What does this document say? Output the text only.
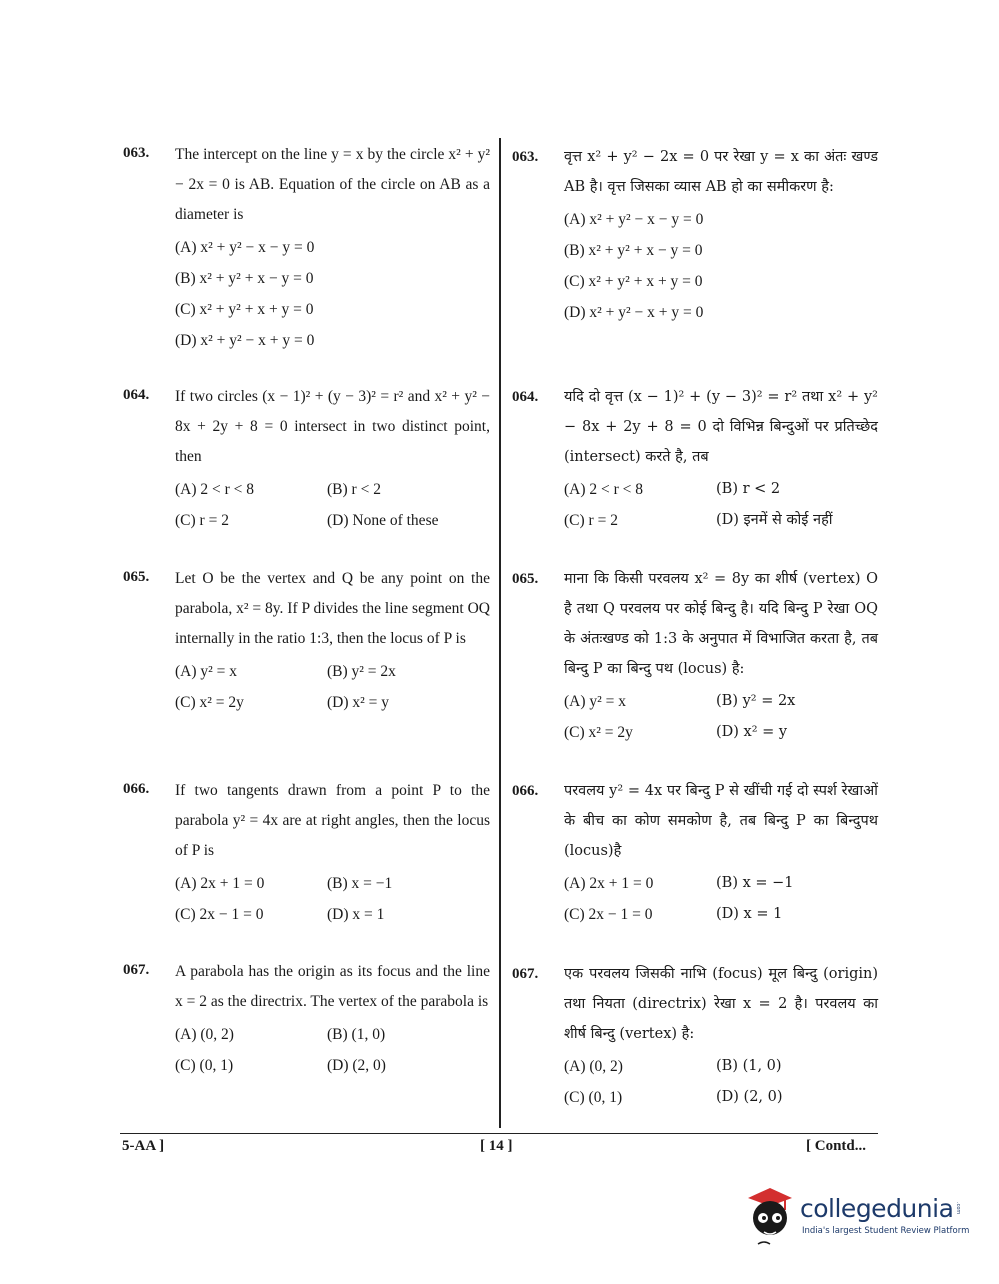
063. The intercept on the line y = x by the circle x² + y² − 2x = 0 is AB. Equation of the circle on AB as a diameter is
(A) x² + y² − x − y = 0
(B) x² + y² + x − y = 0
(C) x² + y² + x + y = 0
(D) x² + y² − x + y = 0
064. If two circles (x − 1)² + (y − 3)² = r² and x² + y² − 8x + 2y + 8 = 0 intersect in two distinct point, then
(A) 2 < r < 8	(B) r < 2
(C) r = 2	(D) None of these
065. Let O be the vertex and Q be any point on the parabola, x² = 8y. If P divides the line segment OQ internally in the ratio 1:3, then the locus of P is
(A) y² = x	(B) y² = 2x
(C) x² = 2y	(D) x² = y
066. If two tangents drawn from a point P to the parabola y² = 4x are at right angles, then the locus of P is
(A) 2x + 1 = 0	(B) x = −1
(C) 2x − 1 = 0	(D) x = 1
067. A parabola has the origin as its focus and the line x = 2 as the directrix. The vertex of the parabola is
(A) (0, 2)	(B) (1, 0)
(C) (0, 1)	(D) (2, 0)
063. वृत्त x² + y² − 2x = 0 पर रेखा y = x का अंतः खण्ड AB है। वृत्त जिसका व्यास AB हो का समीकरण है:
(A) x² + y² − x − y = 0
(B) x² + y² + x − y = 0
(C) x² + y² + x + y = 0
(D) x² + y² − x + y = 0
064. यदि दो वृत्त (x − 1)² + (y − 3)² = r² तथा x² + y² − 8x + 2y + 8 = 0 दो विभिन्न बिन्दुओं पर प्रतिच्छेद (intersect) करते है, तब
(A) 2 < r < 8	(B) r < 2
(C) r = 2	(D) इनमें से कोई नहीं
065. माना कि किसी परवलय x² = 8y का शीर्ष (vertex) O है तथा Q परवलय पर कोई बिन्दु है। यदि बिन्दु P रेखा OQ के अंतःखण्ड को 1:3 के अनुपात में विभाजित करता है, तब बिन्दु P का बिन्दु पथ (locus) है:
(A) y² = x	(B) y² = 2x
(C) x² = 2y	(D) x² = y
066. परवलय y² = 4x पर बिन्दु P से खींची गई दो स्पर्श रेखाओं के बीच का कोण समकोण है, तब बिन्दु P का बिन्दुपथ (locus)है
(A) 2x + 1 = 0	(B) x = −1
(C) 2x − 1 = 0	(D) x = 1
067. एक परवलय जिसकी नाभि (focus) मूल बिन्दु (origin) तथा नियता (directrix) रेखा x = 2 है। परवलय का शीर्ष बिन्दु (vertex) है:
(A) (0, 2)	(B) (1, 0)
(C) (0, 1)	(D) (2, 0)
5-AA ]	[ 14 ]	[ Contd...
collegedunia .com
India's largest Student Review Platform
